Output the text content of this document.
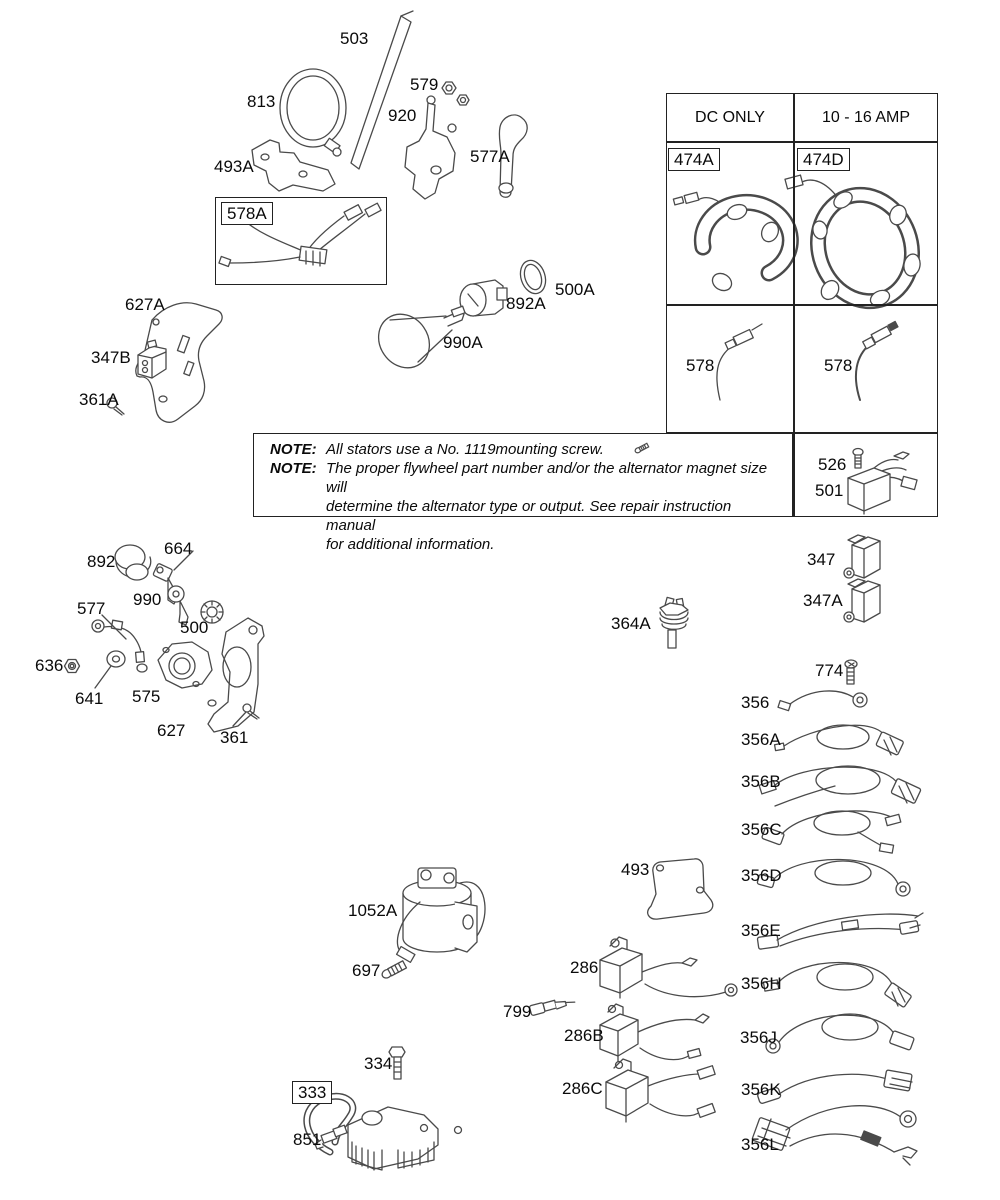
DC ONLY	10 - 16 AMP
NOTE: All stators use a No. 1119mounting screw.
NOTE: The proper flywheel part number and/or the alternator magnet size will
determine the alternator type or output. See repair instruction manual
for additional information.
503
813
493A
579
920
577A
578A
627A
347B
361A
500A
892A
990A
892
664
990
577
500
636
641 575
627 361
364A
347
347A
774
356
356A
356B
356C
356D
356E
356H
356J
356K
356L
1052A
697
493
286
799
286B
286C
334
333
851
474A	474D
578	578
526
501
